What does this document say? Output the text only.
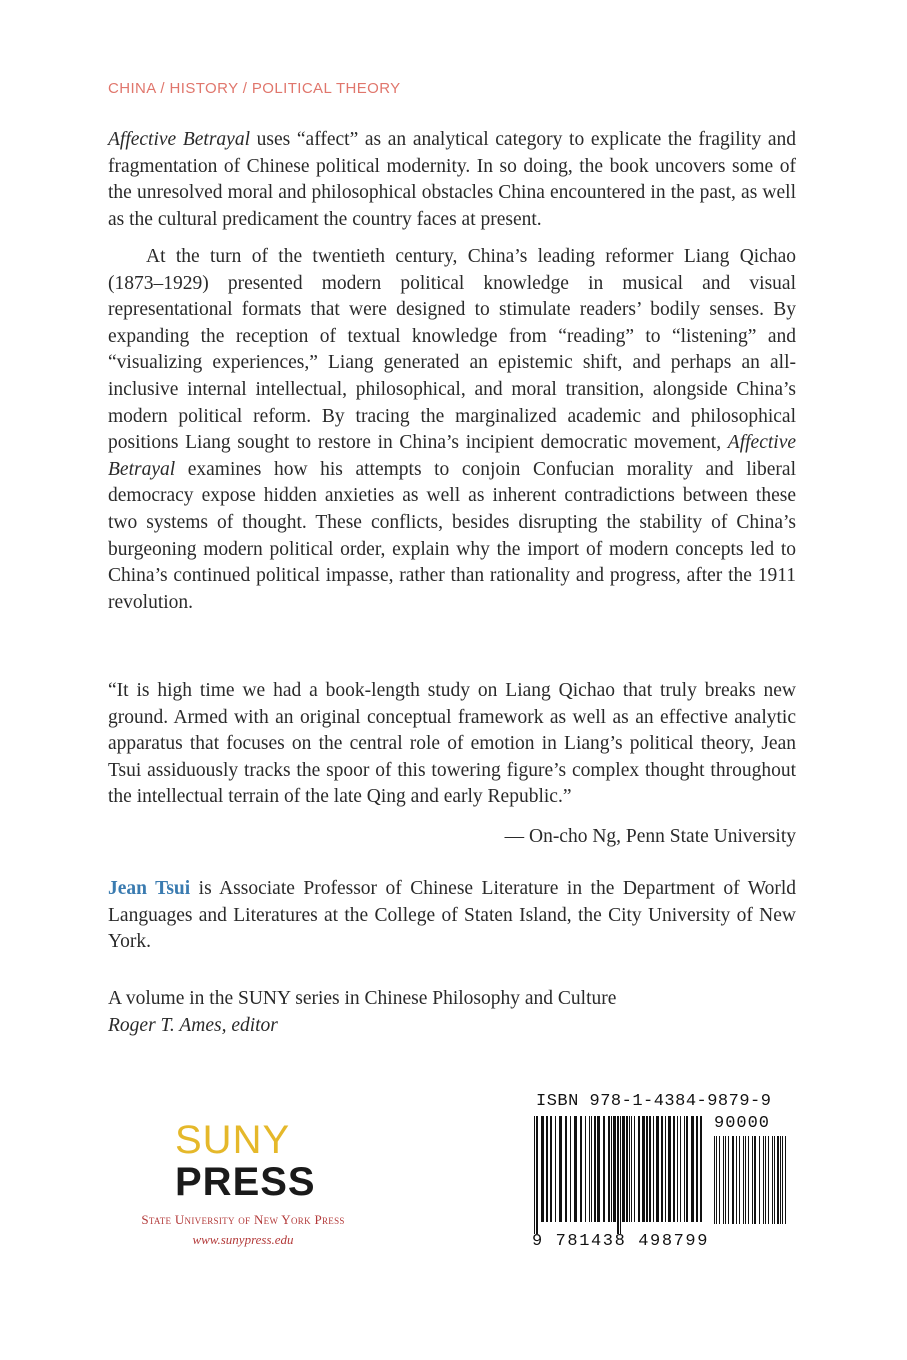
CHINA / HISTORY / POLITICAL THEORY

Affective Betrayal uses “affect” as an analytical category to explicate the fragility and fragmentation of Chinese political modernity. In so doing, the book uncovers some of the unresolved moral and philosophical obstacles China encountered in the past, as well as the cultural predicament the country faces at present.

At the turn of the twentieth century, China’s leading reformer Liang Qichao (1873–1929) presented modern political knowledge in musical and visual representational formats that were designed to stimulate readers’ bodily senses. By expanding the reception of textual knowledge from “reading” to “listening” and “visualizing experiences,” Liang generated an epistemic shift, and perhaps an all-inclusive internal intellectual, philosophical, and moral transition, alongside China’s modern political reform. By tracing the marginalized academic and philosophical positions Liang sought to restore in China’s incipient democratic movement, Affective Betrayal examines how his attempts to conjoin Confucian morality and liberal democracy expose hidden anxieties as well as inherent contradictions between these two systems of thought. These conflicts, besides disrupting the stability of China’s burgeoning modern political order, explain why the import of modern concepts led to China’s continued political impasse, rather than rationality and progress, after the 1911 revolution.

“It is high time we had a book-length study on Liang Qichao that truly breaks new ground. Armed with an original conceptual framework as well as an effective analytic apparatus that focuses on the central role of emotion in Liang’s political theory, Jean Tsui assiduously tracks the spoor of this towering figure’s complex thought throughout the intellectual terrain of the late Qing and early Republic.”

— On-cho Ng, Penn State University

Jean Tsui is Associate Professor of Chinese Literature in the Department of World Languages and Literatures at the College of Staten Island, the City University of New York.

A volume in the SUNY series in Chinese Philosophy and Culture
Roger T. Ames, editor

SUNY
PRESS
State University of New York Press
www.sunypress.edu
ISBN 978-1-4384-9879-9
90000
9 781438 498799
